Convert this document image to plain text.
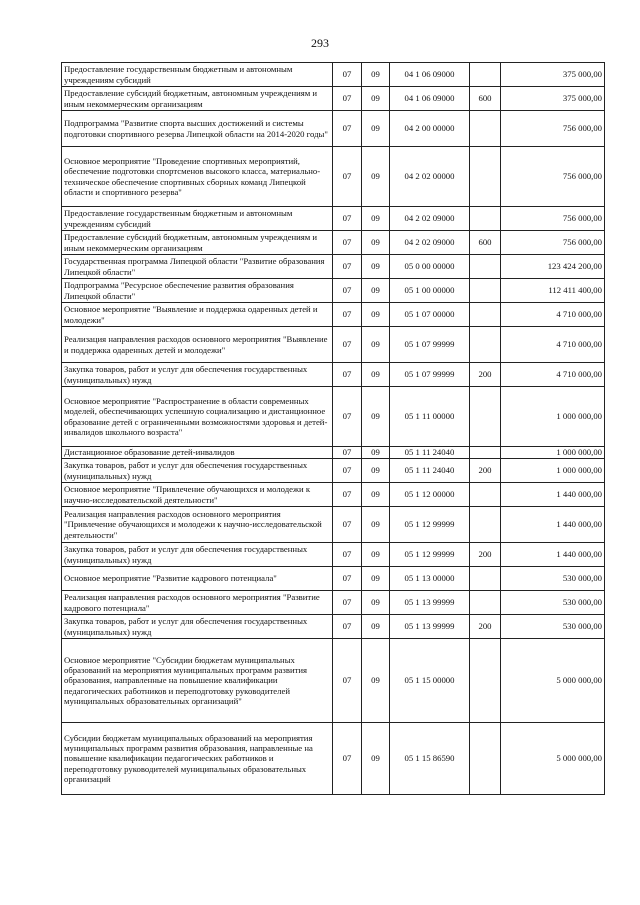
293
Предоставление государственным бюджетным и автономным учреждениям субсидий	07	09	04 1 06 09000		375 000,00
Предоставление субсидий бюджетным, автономным учреждениям и иным некоммерческим организациям	07	09	04 1 06 09000	600	375 000,00
Подпрограмма "Развитие спорта высших достижений и системы подготовки спортивного резерва Липецкой области на 2014-2020 годы"	07	09	04 2 00 00000		756 000,00
Основное мероприятие "Проведение спортивных мероприятий, обеспечение подготовки спортсменов высокого класса, материально-техническое обеспечение спортивных сборных команд Липецкой области и спортивного резерва"	07	09	04 2 02 00000		756 000,00
Предоставление государственным бюджетным и автономным учреждениям субсидий	07	09	04 2 02 09000		756 000,00
Предоставление субсидий бюджетным, автономным учреждениям и иным некоммерческим организациям	07	09	04 2 02 09000	600	756 000,00
Государственная программа Липецкой области "Развитие образования Липецкой области"	07	09	05 0 00 00000		123 424 200,00
Подпрограмма "Ресурсное обеспечение развития образования Липецкой области"	07	09	05 1 00 00000		112 411 400,00
Основное мероприятие "Выявление и поддержка одаренных детей и молодежи"	07	09	05 1 07 00000		4 710 000,00
Реализация направления расходов основного мероприятия "Выявление и поддержка одаренных детей и молодежи"	07	09	05 1 07 99999		4 710 000,00
Закупка товаров, работ и услуг для обеспечения государственных (муниципальных) нужд	07	09	05 1 07 99999	200	4 710 000,00
Основное мероприятие "Распространение в области современных моделей, обеспечивающих успешную социализацию и дистанционное образование детей с ограниченными возможностями здоровья и детей-инвалидов школьного возраста"	07	09	05 1 11 00000		1 000 000,00
Дистанционное образование детей-инвалидов	07	09	05 1 11 24040		1 000 000,00
Закупка товаров, работ и услуг для обеспечения государственных (муниципальных) нужд	07	09	05 1 11 24040	200	1 000 000,00
Основное мероприятие "Привлечение обучающихся и молодежи к научно-исследовательской деятельности"	07	09	05 1 12 00000		1 440 000,00
Реализация направления расходов основного мероприятия "Привлечение обучающихся и молодежи к научно-исследовательской деятельности"	07	09	05 1 12 99999		1 440 000,00
Закупка товаров, работ и услуг для обеспечения государственных (муниципальных) нужд	07	09	05 1 12 99999	200	1 440 000,00
Основное мероприятие "Развитие кадрового потенциала"	07	09	05 1 13 00000		530 000,00
Реализация направления расходов основного мероприятия "Развитие кадрового потенциала"	07	09	05 1 13 99999		530 000,00
Закупка товаров, работ и услуг для обеспечения государственных (муниципальных) нужд	07	09	05 1 13 99999	200	530 000,00
Основное мероприятие "Субсидии бюджетам муниципальных образований на мероприятия муниципальных программ развития образования, направленные на повышение квалификации педагогических работников и переподготовку руководителей муниципальных образовательных организаций"	07	09	05 1 15 00000		5 000 000,00
Субсидии бюджетам муниципальных образований на мероприятия муниципальных программ развития образования, направленные на повышение квалификации педагогических работников и переподготовку руководителей муниципальных образовательных организаций	07	09	05 1 15 86590		5 000 000,00
